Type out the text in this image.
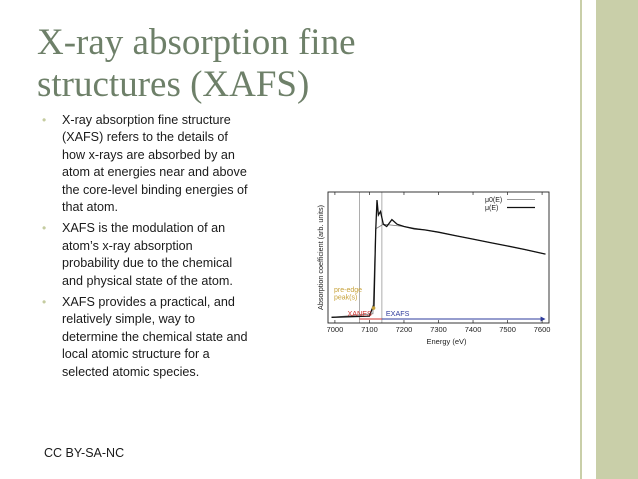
X-ray absorption fine
structures (XAFS)
• X-ray absorption fine structure
(XAFS) refers to the details of
how x-rays are absorbed by an
atom at energies near and above
the core-level binding energies of
that atom.
• XAFS is the modulation of an
atom’s x-ray absorption
probability due to the chemical
and physical state of the atom.
• XAFS provides a practical, and
relatively simple, way to
determine the chemical state and
local atomic structure for a
selected atomic species.
Absorption coefficient (arb. units)
7000 7100 7200 7300 7400 7500 7600
Energy (eV)
μ0(E)
μ(E)
pre-edge
peak(s)
XANES EXAFS
CC BY-SA-NC
